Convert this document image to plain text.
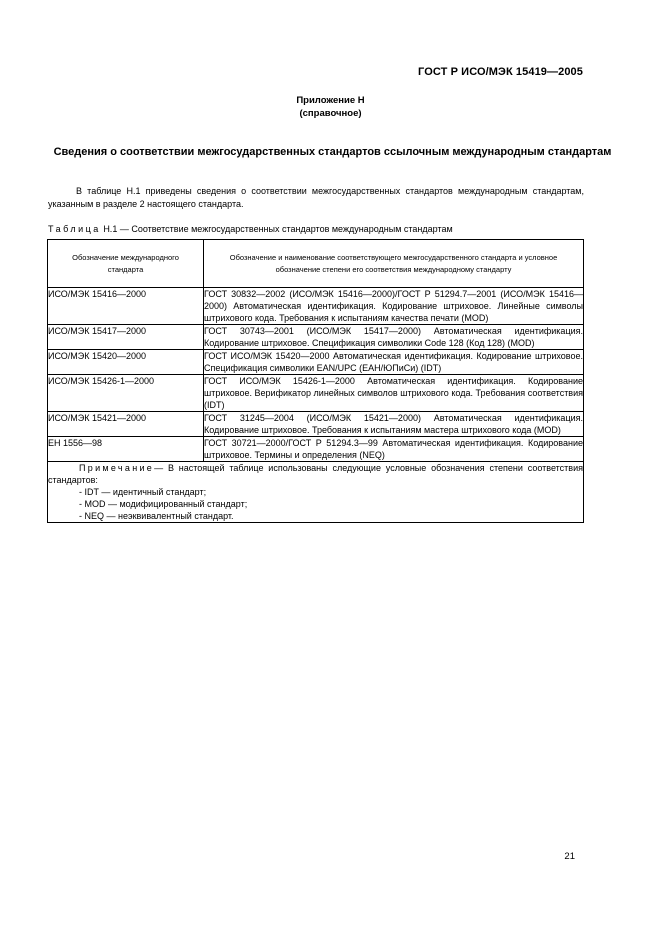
ГОСТ Р ИСО/МЭК 15419—2005
Приложение Н
(справочное)
Сведения о соответствии межгосударственных стандартов ссылочным международным стандартам
В таблице Н.1 приведены сведения о соответствии межгосударственных стандартов международным стандартам, указанным в разделе 2 настоящего стандарта.
Таблица Н.1 — Соответствие межгосударственных стандартов международным стандартам
Обозначение международного стандарта	Обозначение и наименование соответствующего межгосударственного стандарта и условное обозначение степени его соответствия международному стандарту
ИСО/МЭК 15416—2000	ГОСТ 30832—2002 (ИСО/МЭК 15416—2000)/ГОСТ Р 51294.7—2001 (ИСО/МЭК 15416—2000) Автоматическая идентификация. Кодирование штриховое. Линейные символы штрихового кода. Требования к испытаниям качества печати (MOD)
ИСО/МЭК 15417—2000	ГОСТ 30743—2001 (ИСО/МЭК 15417—2000) Автоматическая идентификация. Кодирование штриховое. Спецификация символики Code 128 (Код 128) (MOD)
ИСО/МЭК 15420—2000	ГОСТ ИСО/МЭК 15420—2000 Автоматическая идентификация. Кодирование штриховое. Спецификация символики EAN/UPC (ЕАН/ЮПиСи) (IDT)
ИСО/МЭК 15426-1—2000	ГОСТ ИСО/МЭК 15426-1—2000 Автоматическая идентификация. Кодирование штриховое. Верификатор линейных символов штрихового кода. Требования соответствия (IDT)
ИСО/МЭК 15421—2000	ГОСТ 31245—2004 (ИСО/МЭК 15421—2000) Автоматическая идентификация. Кодирование штриховое. Требования к испытаниям мастера штрихового кода (MOD)
ЕН 1556—98	ГОСТ 30721—2000/ГОСТ Р 51294.3—99 Автоматическая идентификация. Кодирование штриховое. Термины и определения (NEQ)

Примечание— В настоящей таблице использованы следующие условные обозначения степени соответствия стандартов:
- IDT — идентичный стандарт;
- MOD — модифицированный стандарт;
- NEQ — неэквивалентный стандарт.	
21
